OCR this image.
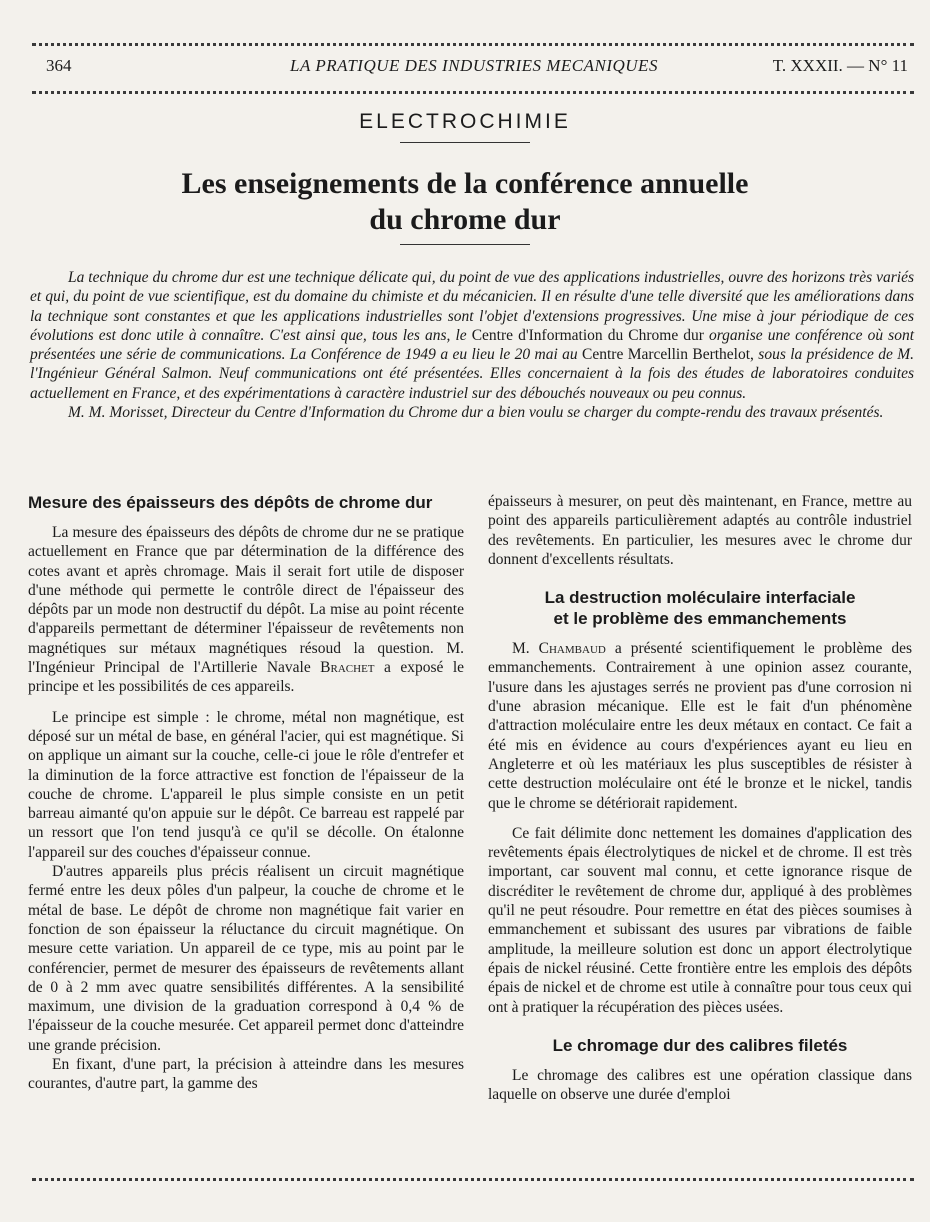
364	LA PRATIQUE DES INDUSTRIES MECANIQUES	T. XXXII. — N° 11
ELECTROCHIMIE
Les enseignements de la conférence annuelle
du chrome dur

La technique du chrome dur est une technique délicate qui, du point de vue des applications industrielles, ouvre des horizons très variés et qui, du point de vue scientifique, est du domaine du chimiste et du mécanicien. Il en résulte d'une telle diversité que les améliorations dans la technique sont constantes et que les applications industrielles sont l'objet d'extensions progressives. Une mise à jour périodique de ces évolutions est donc utile à connaître. C'est ainsi que, tous les ans, le Centre d'Information du Chrome dur organise une conférence où sont présentées une série de communications. La Conférence de 1949 a eu lieu le 20 mai au Centre Marcellin Berthelot, sous la présidence de M. l'Ingénieur Général Salmon. Neuf communications ont été présentées. Elles concernaient à la fois des études de laboratoires conduites actuellement en France, et des expérimentations à caractère industriel sur des débouchés nouveaux ou peu connus.

M. M. Morisset, Directeur du Centre d'Information du Chrome dur a bien voulu se charger du compte-rendu des travaux présentés.

Mesure des épaisseurs des dépôts de chrome dur

La mesure des épaisseurs des dépôts de chrome dur ne se pratique actuellement en France que par détermination de la différence des cotes avant et après chromage. Mais il serait fort utile de disposer d'une méthode qui permette le contrôle direct de l'épaisseur des dépôts par un mode non destructif du dépôt. La mise au point récente d'appareils permettant de déterminer l'épaisseur de revêtements non magnétiques sur métaux magnétiques résoud la question. M. l'Ingénieur Principal de l'Artillerie Navale Brachet a exposé le principe et les possibilités de ces appareils.

Le principe est simple : le chrome, métal non magnétique, est déposé sur un métal de base, en général l'acier, qui est magnétique. Si on applique un aimant sur la couche, celle-ci joue le rôle d'entrefer et la diminution de la force attractive est fonction de l'épaisseur de la couche de chrome. L'appareil le plus simple consiste en un petit barreau aimanté qu'on appuie sur le dépôt. Ce barreau est rappelé par un ressort que l'on tend jusqu'à ce qu'il se décolle. On étalonne l'appareil sur des couches d'épaisseur connue.

D'autres appareils plus précis réalisent un circuit magnétique fermé entre les deux pôles d'un palpeur, la couche de chrome et le métal de base. Le dépôt de chrome non magnétique fait varier en fonction de son épaisseur la réluctance du circuit magnétique. On mesure cette variation. Un appareil de ce type, mis au point par le conférencier, permet de mesurer des épaisseurs de revêtements allant de 0 à 2 mm avec quatre sensibilités différentes. A la sensibilité maximum, une division de la graduation correspond à 0,4 % de l'épaisseur de la couche mesurée. Cet appareil permet donc d'atteindre une grande précision.

En fixant, d'une part, la précision à atteindre dans les mesures courantes, d'autre part, la gamme des

épaisseurs à mesurer, on peut dès maintenant, en France, mettre au point des appareils particulièrement adaptés au contrôle industriel des revêtements. En particulier, les mesures avec le chrome dur donnent d'excellents résultats.

La destruction moléculaire interfaciale
et le problème des emmanchements

M. Chambaud a présenté scientifiquement le problème des emmanchements. Contrairement à une opinion assez courante, l'usure dans les ajustages serrés ne provient pas d'une corrosion ni d'une abrasion mécanique. Elle est le fait d'un phénomène d'attraction moléculaire entre les deux métaux en contact. Ce fait a été mis en évidence au cours d'expériences ayant eu lieu en Angleterre et où les matériaux les plus susceptibles de résister à cette destruction moléculaire ont été le bronze et le nickel, tandis que le chrome se détériorait rapidement.

Ce fait délimite donc nettement les domaines d'application des revêtements épais électrolytiques de nickel et de chrome. Il est très important, car souvent mal connu, et cette ignorance risque de discréditer le revêtement de chrome dur, appliqué à des problèmes qu'il ne peut résoudre. Pour remettre en état des pièces soumises à emmanchement et subissant des usures par vibrations de faible amplitude, la meilleure solution est donc un apport électrolytique épais de nickel réusiné. Cette frontière entre les emplois des dépôts épais de nickel et de chrome est utile à connaître pour tous ceux qui ont à pratiquer la récupération des pièces usées.

Le chromage dur des calibres filetés

Le chromage des calibres est une opération classique dans laquelle on observe une durée d'emploi
